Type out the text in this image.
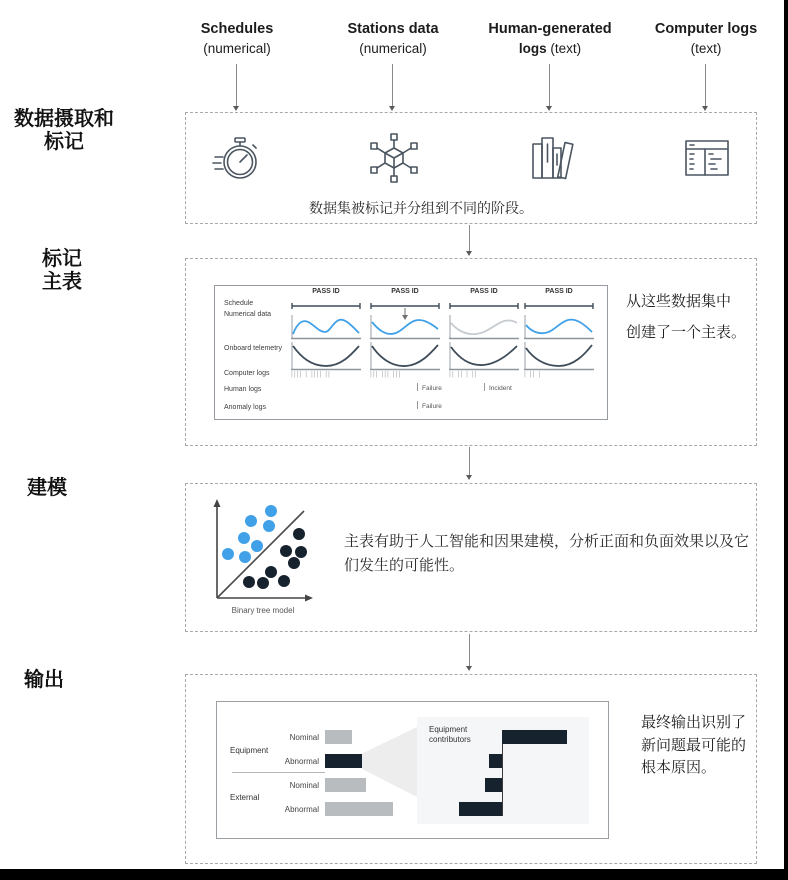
Schedules
(numerical)
Stations data
(numerical)
Human-generated
logs (text)
Computer logs
(text)
数据摄取和
标记
标记
主表
建模
输出
数据集被标记并分组到不同的阶段。
Schedule
Numerical data
Onboard telemetry
Computer logs
Human logs
Anomaly logs
PASS ID	PASS ID	PASS ID	PASS ID
|||| | |||| ||	||| ||| |||	|| || | ||	| || |
Failure	Incident
Failure
从这些数据集中
创建了一个主表。
Binary tree model
主表有助于人工智能和因果建模，分析正面和负面效果以及它
们发生的可能性。
Equipment
External
Equipment
contributors
Nominal
Abnormal
Nominal
Abnormal
最终输出识别了
新问题最可能的
根本原因。
